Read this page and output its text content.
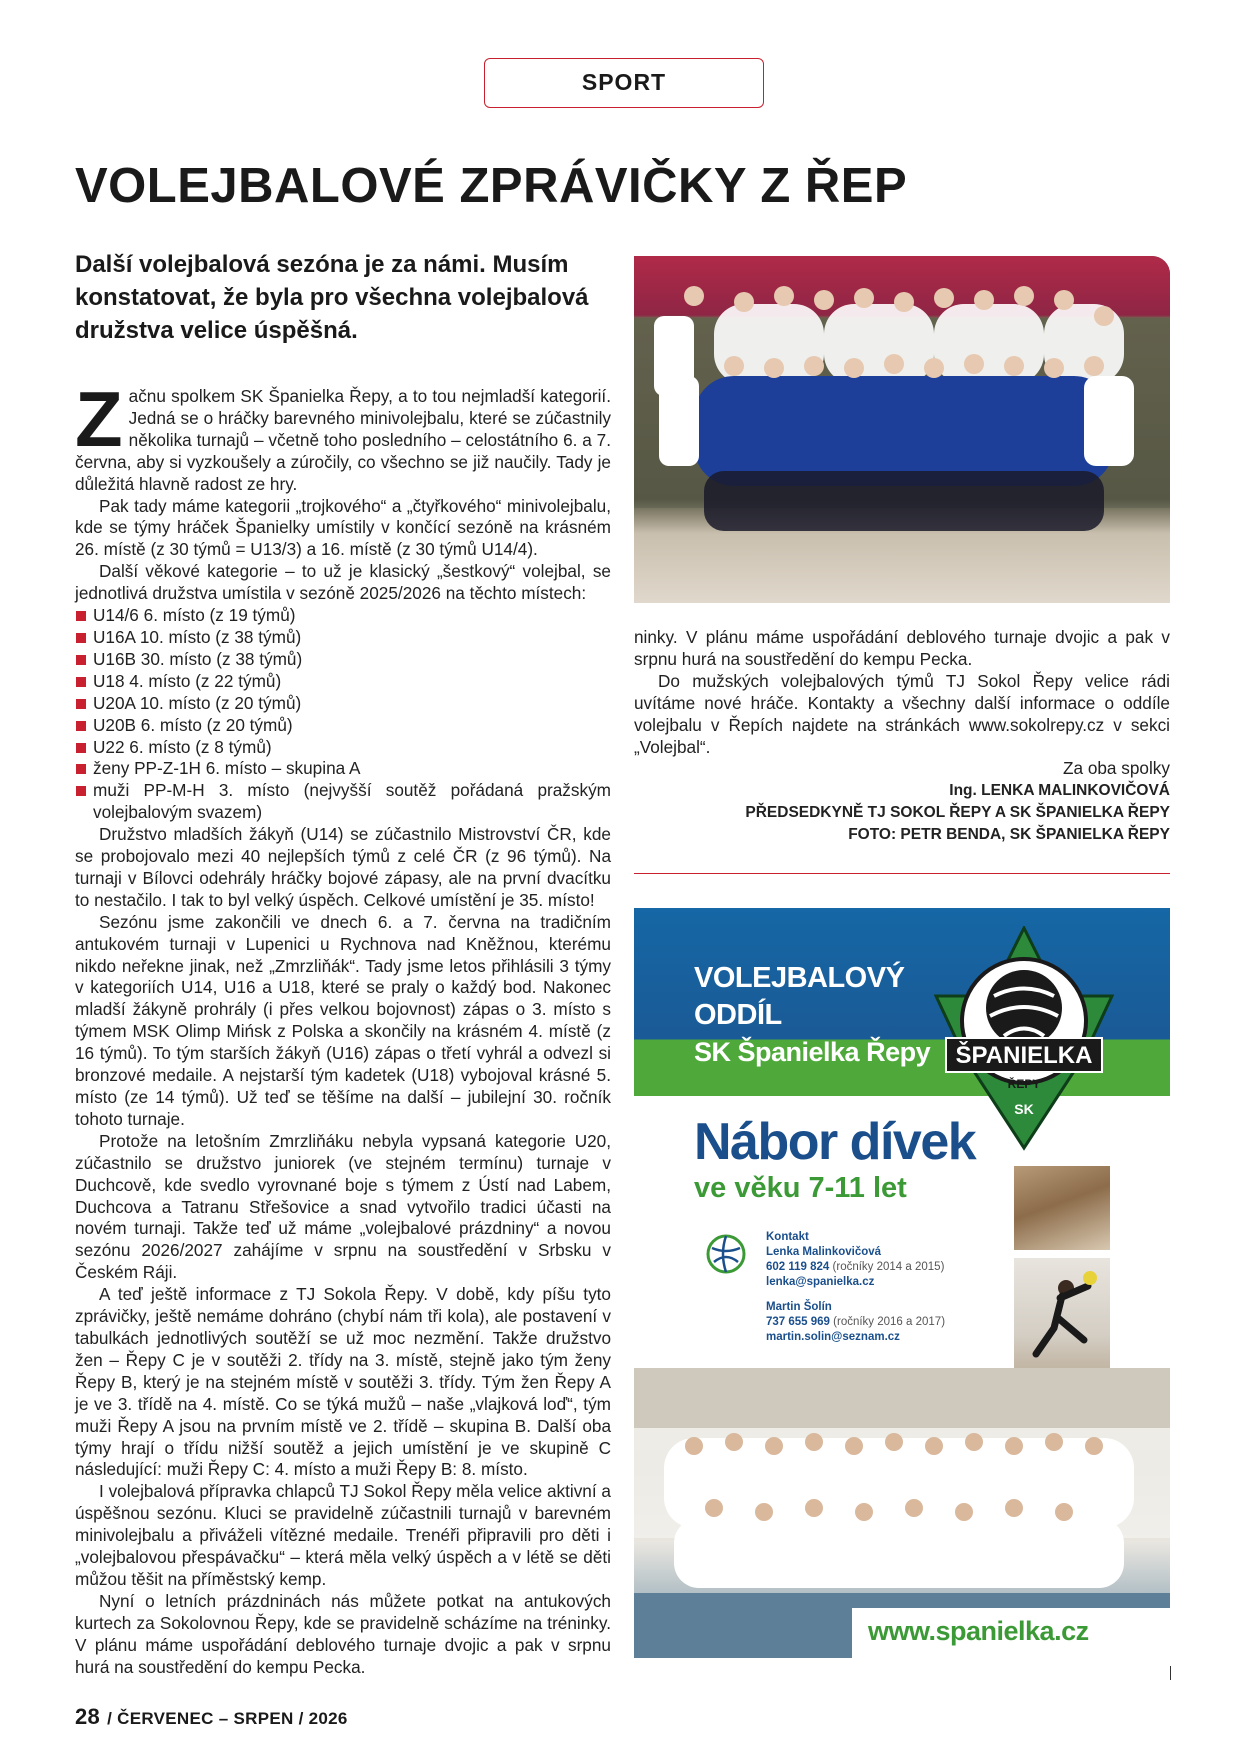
SPORT
VOLEJBALOVÉ ZPRÁVIČKY Z ŘEP

Další volejbalová sezóna je za námi. Musím konstatovat, že byla pro všechna volejbalová družstva velice úspěšná.

Začnu spolkem SK Španielka Řepy, a to tou nejmladší kategorií. Jedná se o hráčky barevného minivolejbalu, které se zúčastnily několika turnajů – včetně toho posledního – celostátního 6. a 7. června, aby si vyzkoušely a zúročily, co všechno se již naučily. Tady je důležitá hlavně radost ze hry.

Pak tady máme kategorii „trojkového“ a „čtyřkového“ minivolejbalu, kde se týmy hráček Španielky umístily v končící sezóně na krásném 26. místě (z 30 týmů = U13/3) a 16. místě (z 30 týmů U14/4).

Další věkové kategorie – to už je klasický „šestkový“ volejbal, se jednotlivá družstva umístila v sezóně 2025/2026 na těchto místech:

U14/6 6. místo (z 19 týmů)
U16A 10. místo (z 38 týmů)
U16B 30. místo (z 38 týmů)
U18 4. místo (z 22 týmů)
U20A 10. místo (z 20 týmů)
U20B 6. místo (z 20 týmů)
U22 6. místo (z 8 týmů)
ženy PP-Z-1H 6. místo – skupina A
muži PP-M-H 3. místo (nejvyšší soutěž pořádaná pražským volejbalovým svazem)

Družstvo mladších žákyň (U14) se zúčastnilo Mistrovství ČR, kde se probojovalo mezi 40 nejlepších týmů z celé ČR (z 96 týmů). Na turnaji v Bílovci odehrály hráčky bojové zápasy, ale na první dvacítku to nestačilo. I tak to byl velký úspěch. Celkové umístění je 35. místo!

Sezónu jsme zakončili ve dnech 6. a 7. června na tradičním antukovém turnaji v Lupenici u Rychnova nad Kněžnou, kterému nikdo neřekne jinak, než „Zmrzliňák“. Tady jsme letos přihlásili 3 týmy v kategoriích U14, U16 a U18, které se praly o každý bod. Nakonec mladší žákyně prohrály (i přes velkou bojovnost) zápas o 3. místo s týmem MSK Olimp Mińsk z Polska a skončily na krásném 4. místě (z 16 týmů). To tým starších žákyň (U16) zápas o třetí vyhrál a odvezl si bronzové medaile. A nejstarší tým kadetek (U18) vybojoval krásné 5. místo (ze 14 týmů). Už teď se těšíme na další – jubilejní 30. ročník tohoto turnaje.

Protože na letošním Zmrzliňáku nebyla vypsaná kategorie U20, zúčastnilo se družstvo juniorek (ve stejném termínu) turnaje v Duchcově, kde svedlo vyrovnané boje s týmem z Ústí nad Labem, Duchcova a Tatranu Střešovice a snad vytvořilo tradici účasti na novém turnaji. Takže teď už máme „volejbalové prázdniny“ a novou sezónu 2026/2027 zahájíme v srpnu na soustředění v Srbsku v Českém Ráji.

A teď ještě informace z TJ Sokola Řepy. V době, kdy píšu tyto zprávičky, ještě nemáme dohráno (chybí nám tři kola), ale postavení v tabulkách jednotlivých soutěží se už moc nezmění. Takže družstvo žen – Řepy C je v soutěži 2. třídy na 3. místě, stejně jako tým ženy Řepy B, který je na stejném místě v soutěži 3. třídy. Tým žen Řepy A je ve 3. třídě na 4. místě. Co se týká mužů – naše „vlajková loď“, tým muži Řepy A jsou na prvním místě ve 2. třídě – skupina B. Další oba týmy hrají o třídu nižší soutěž a jejich umístění je ve skupině C následující: muži Řepy C: 4. místo a muži Řepy B: 8. místo.

I volejbalová přípravka chlapců TJ Sokol Řepy měla velice aktivní a úspěšnou sezónu. Kluci se pravidelně zúčastnili turnajů v barevném minivolejbalu a přiváželi vítězné medaile. Trenéři připravili pro děti i „volejbalovou přespávačku“ – která měla velký úspěch a v létě se děti můžou těšit na příměstský kemp.

Nyní o letních prázdninách nás můžete potkat na antukových kurtech za Sokolovnou Řepy, kde se pravidelně scházíme na tréninky. V plánu máme uspořádání deblového turnaje dvojic a pak v srpnu hurá na soustředění do kempu Pecka.

ninky. V plánu máme uspořádání deblového turnaje dvojic a pak v srpnu hurá na soustředění do kempu Pecka.

Do mužských volejbalových týmů TJ Sokol Řepy velice rádi uvítáme nové hráče. Kontakty a všechny další informace o oddíle volejbalu v Řepích najdete na stránkách www.sokolrepy.cz v sekci „Volejbal“.

Za oba spolky
Ing. LENKA MALINKOVIČOVÁ
PŘEDSEDKYNĚ TJ SOKOL ŘEPY A SK ŠPANIELKA ŘEPY
FOTO: PETR BENDA, SK ŠPANIELKA ŘEPY
VOLEJBALOVÝ
ODDÍL
SK Španielka Řepy ŠPANIELKA
ŘEPY
SK
Nábor dívek
ve věku 7-11 let
Kontakt
Lenka Malinkovičová
602 119 824 (ročníky 2014 a 2015)
lenka@spanielka.cz
Martin Šolín
737 655 969 (ročníky 2016 a 2017)
martin.solin@seznam.cz
www.spanielka.cz
28 / ČERVENEC – SRPEN / 2026
